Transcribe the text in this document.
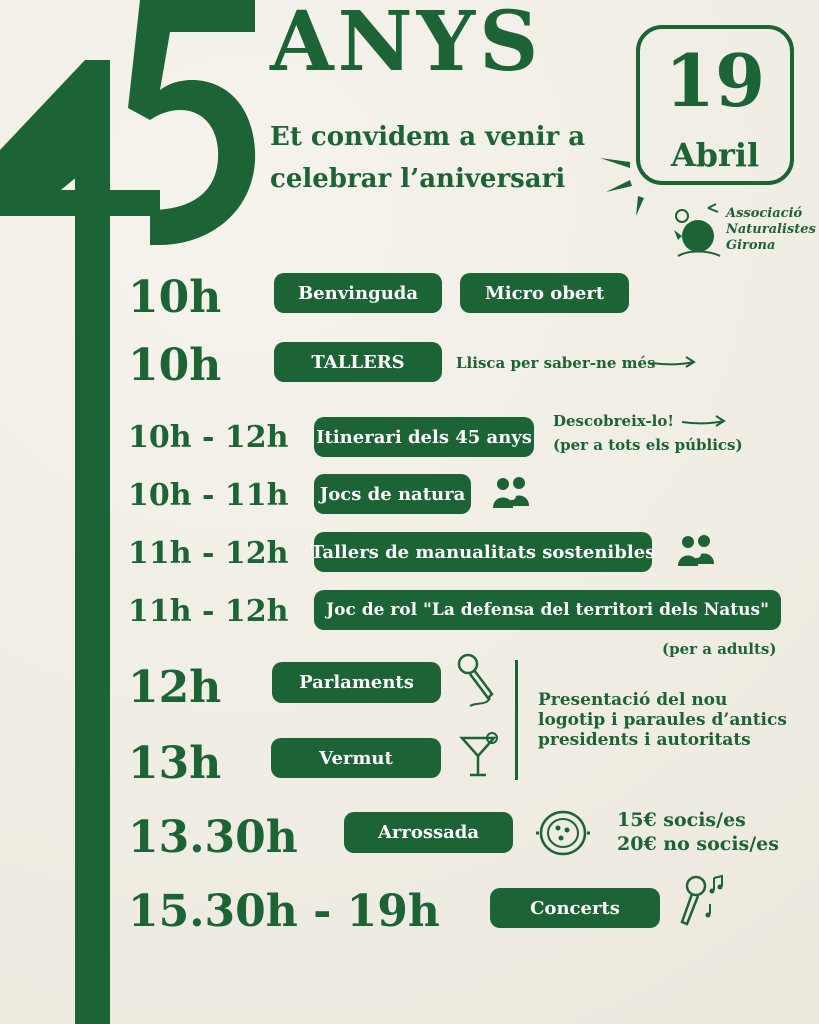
ANYS
Et convidem a venir a
celebrar l’aniversari
19
Abril
Associació
Naturalistes
Girona
10h	Benvinguda	Micro obert
10h	TALLERS	Llisca per saber-ne més
10h - 12h Itinerari dels 45 anys
Descobreix-lo!
(per a tots els públics)
10h - 11h	Jocs de natura
11h - 12h Tallers de manualitats sostenibles
11h - 12h	Joc de rol "La defensa del territori dels Natus"
(per a adults)
12h	Parlaments
Presentació del nou
logotip i paraules d’antics
presidents i autoritats
13h	Vermut
13.30h	Arrossada
15€ socis/es
20€ no socis/es
15.30h - 19h	Concerts
